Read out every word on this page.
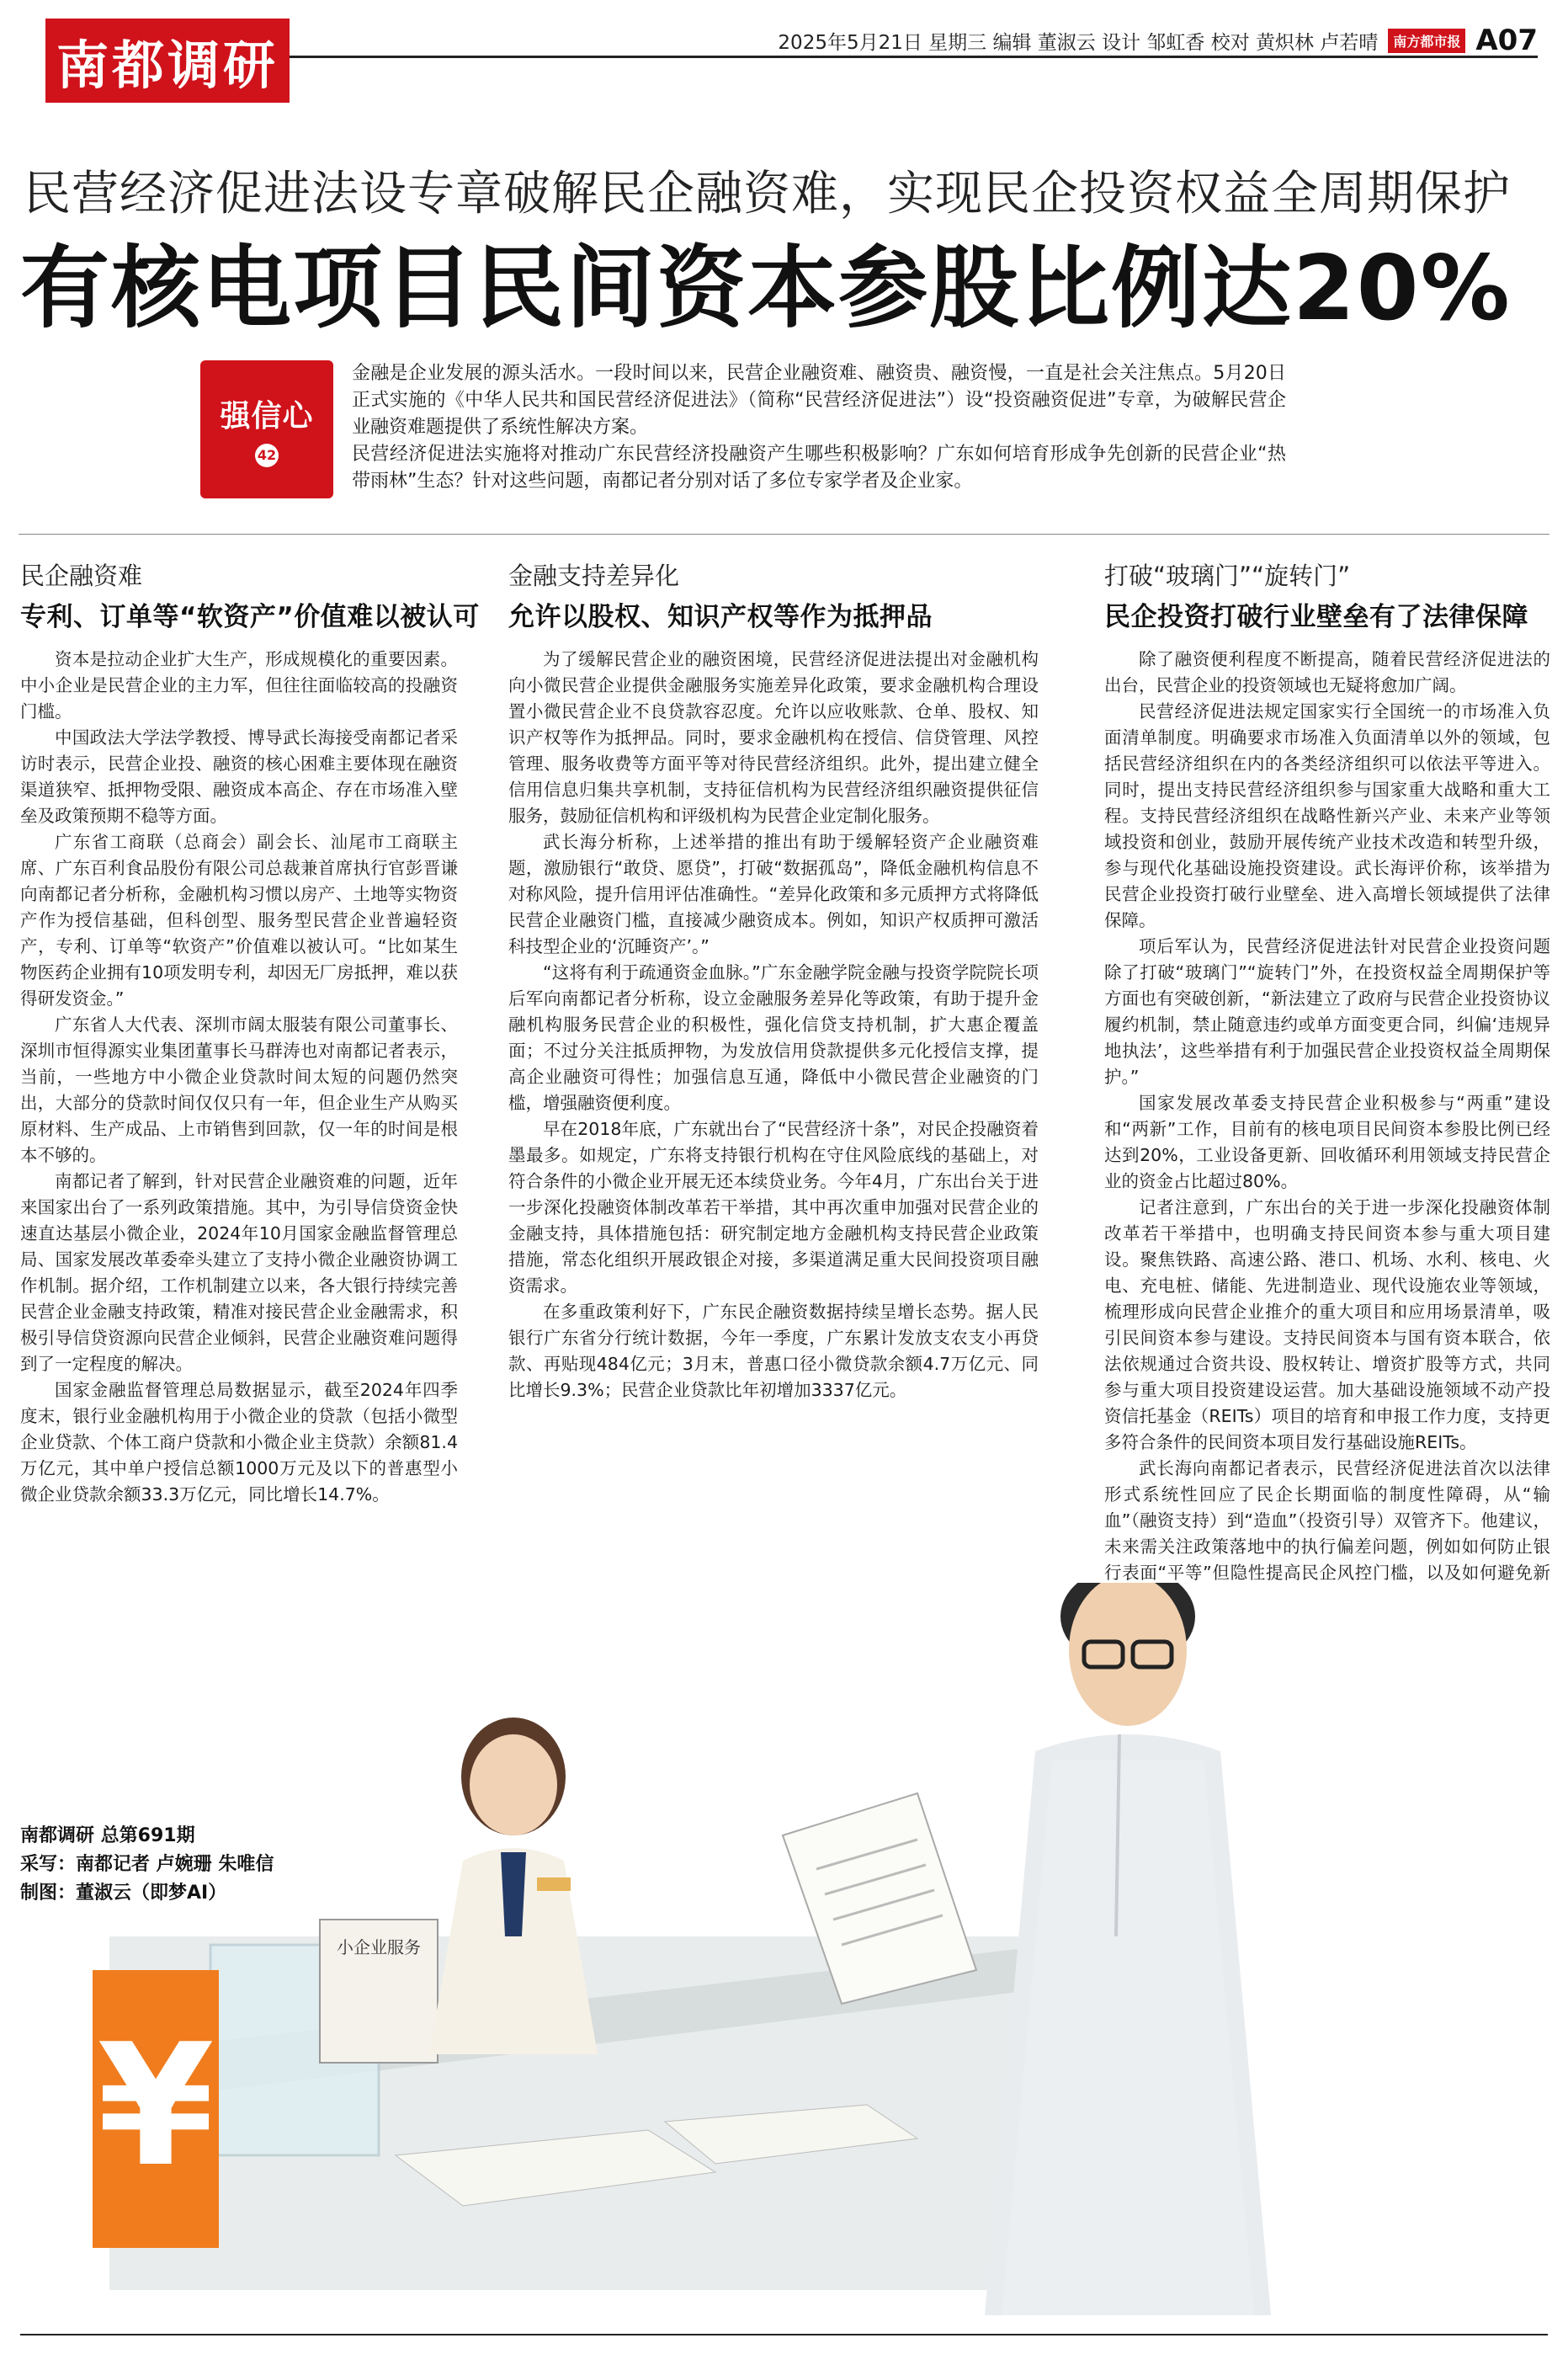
南都调研	2025年5月21日 星期三 编辑 董淑云 设计 邹虹香 校对 黄炽林 卢若晴	南方都市报 A07
民营经济促进法设专章破解民企融资难，实现民企投资权益全周期保护
有核电项目民间资本参股比例达20%
强信心
42

金融是企业发展的源头活水。一段时间以来，民营企业融资难、融资贵、融资慢，一直是社会关注焦点。5月20日正式实施的《中华人民共和国民营经济促进法》（简称“民营经济促进法”）设“投资融资促进”专章，为破解民营企业融资难题提供了系统性解决方案。

民营经济促进法实施将对推动广东民营经济投融资产生哪些积极影响？广东如何培育形成争先创新的民营企业“热带雨林”生态？针对这些问题，南都记者分别对话了多位专家学者及企业家。

民企融资难
专利、订单等“软资产”价值难以被认可

资本是拉动企业扩大生产，形成规模化的重要因素。中小企业是民营企业的主力军，但往往面临较高的投融资门槛。

中国政法大学法学教授、博导武长海接受南都记者采访时表示，民营企业投、融资的核心困难主要体现在融资渠道狭窄、抵押物受限、融资成本高企、存在市场准入壁垒及政策预期不稳等方面。

广东省工商联（总商会）副会长、汕尾市工商联主席、广东百利食品股份有限公司总裁兼首席执行官彭晋谦向南都记者分析称，金融机构习惯以房产、土地等实物资产作为授信基础，但科创型、服务型民营企业普遍轻资产，专利、订单等“软资产”价值难以被认可。“比如某生物医药企业拥有10项发明专利，却因无厂房抵押，难以获得研发资金。”

广东省人大代表、深圳市阔太服装有限公司董事长、深圳市恒得源实业集团董事长马群涛也对南都记者表示，当前，一些地方中小微企业贷款时间太短的问题仍然突出，大部分的贷款时间仅仅只有一年，但企业生产从购买原材料、生产成品、上市销售到回款，仅一年的时间是根本不够的。

南都记者了解到，针对民营企业融资难的问题，近年来国家出台了一系列政策措施。其中，为引导信贷资金快速直达基层小微企业，2024年10月国家金融监督管理总局、国家发展改革委牵头建立了支持小微企业融资协调工作机制。据介绍，工作机制建立以来，各大银行持续完善民营企业金融支持政策，精准对接民营企业金融需求，积极引导信贷资源向民营企业倾斜，民营企业融资难问题得到了一定程度的解决。

国家金融监督管理总局数据显示，截至2024年四季度末，银行业金融机构用于小微企业的贷款（包括小微型企业贷款、个体工商户贷款和小微企业主贷款）余额81.4万亿元，其中单户授信总额1000万元及以下的普惠型小微企业贷款余额33.3万亿元，同比增长14.7%。

金融支持差异化
允许以股权、知识产权等作为抵押品

为了缓解民营企业的融资困境，民营经济促进法提出对金融机构向小微民营企业提供金融服务实施差异化政策，要求金融机构合理设置小微民营企业不良贷款容忍度。允许以应收账款、仓单、股权、知识产权等作为抵押品。同时，要求金融机构在授信、信贷管理、风控管理、服务收费等方面平等对待民营经济组织。此外，提出建立健全信用信息归集共享机制，支持征信机构为民营经济组织融资提供征信服务，鼓励征信机构和评级机构为民营企业定制化服务。

武长海分析称，上述举措的推出有助于缓解轻资产企业融资难题，激励银行“敢贷、愿贷”，打破“数据孤岛”，降低金融机构信息不对称风险，提升信用评估准确性。“差异化政策和多元质押方式将降低民营企业融资门槛，直接减少融资成本。例如，知识产权质押可激活科技型企业的‘沉睡资产’。”

“这将有利于疏通资金血脉。”广东金融学院金融与投资学院院长项后军向南都记者分析称，设立金融服务差异化等政策，有助于提升金融机构服务民营企业的积极性，强化信贷支持机制，扩大惠企覆盖面；不过分关注抵质押物，为发放信用贷款提供多元化授信支撑，提高企业融资可得性；加强信息互通，降低中小微民营企业融资的门槛，增强融资便利度。

早在2018年底，广东就出台了“民营经济十条”，对民企投融资着墨最多。如规定，广东将支持银行机构在守住风险底线的基础上，对符合条件的小微企业开展无还本续贷业务。今年4月，广东出台关于进一步深化投融资体制改革若干举措，其中再次重申加强对民营企业的金融支持，具体措施包括：研究制定地方金融机构支持民营企业政策措施，常态化组织开展政银企对接，多渠道满足重大民间投资项目融资需求。

在多重政策利好下，广东民企融资数据持续呈增长态势。据人民银行广东省分行统计数据，今年一季度，广东累计发放支农支小再贷款、再贴现484亿元；3月末，普惠口径小微贷款余额4.7万亿元、同比增长9.3%；民营企业贷款比年初增加3337亿元。

打破“玻璃门”“旋转门”
民企投资打破行业壁垒有了法律保障

除了融资便利程度不断提高，随着民营经济促进法的出台，民营企业的投资领域也无疑将愈加广阔。

民营经济促进法规定国家实行全国统一的市场准入负面清单制度。明确要求市场准入负面清单以外的领域，包括民营经济组织在内的各类经济组织可以依法平等进入。同时，提出支持民营经济组织参与国家重大战略和重大工程。支持民营经济组织在战略性新兴产业、未来产业等领域投资和创业，鼓励开展传统产业技术改造和转型升级，参与现代化基础设施投资建设。武长海评价称，该举措为民营企业投资打破行业壁垒、进入高增长领域提供了法律保障。

项后军认为，民营经济促进法针对民营企业投资问题除了打破“玻璃门”“旋转门”外，在投资权益全周期保护等方面也有突破创新，“新法建立了政府与民营企业投资协议履约机制，禁止随意违约或单方面变更合同，纠偏‘违规异地执法’，这些举措有利于加强民营企业投资权益全周期保护。”

国家发展改革委支持民营企业积极参与“两重”建设和“两新”工作，目前有的核电项目民间资本参股比例已经达到20%，工业设备更新、回收循环利用领域支持民营企业的资金占比超过80%。

记者注意到，广东出台的关于进一步深化投融资体制改革若干举措中，也明确支持民间资本参与重大项目建设。聚焦铁路、高速公路、港口、机场、水利、核电、火电、充电桩、储能、先进制造业、现代设施农业等领域，梳理形成向民营企业推介的重大项目和应用场景清单，吸引民间资本参与建设。支持民间资本与国有资本联合，依法依规通过合资共设、股权转让、增资扩股等方式，共同参与重大项目投资建设运营。加大基础设施领域不动产投资信托基金（REITs）项目的培育和申报工作力度，支持更多符合条件的民间资本项目发行基础设施REITs。

武长海向南都记者表示，民营经济促进法首次以法律形式系统性回应了民企长期面临的制度性障碍，从“输血”（融资支持）到“造血”（投资引导）双管齐下。他建议，未来需关注政策落地中的执行偏差问题，例如如何防止银行表面“平等”但隐性提高民企风控门槛，以及如何避免新

¥
小企业服务
南都调研 总第691期
采写：南都记者 卢婉珊 朱唯信
制图：董淑云（即梦AI）
